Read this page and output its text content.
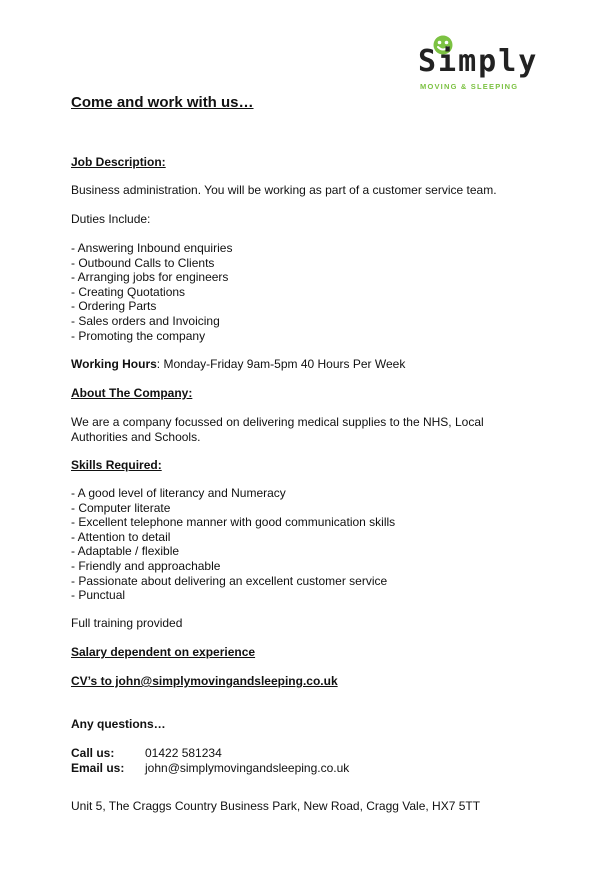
Simply
MOVING & SLEEPING
Come and work with us…
Job Description:
Business administration. You will be working as part of a customer service team.
Duties Include:
- Answering Inbound enquiries
- Outbound Calls to Clients
- Arranging jobs for engineers
- Creating Quotations
- Ordering Parts
- Sales orders and Invoicing
- Promoting the company
Working Hours: Monday-Friday 9am-5pm 40 Hours Per Week
About The Company:
We are a company focussed on delivering medical supplies to the NHS, Local
Authorities and Schools.
Skills Required:
- A good level of literancy and Numeracy
- Computer literate
- Excellent telephone manner with good communication skills
- Attention to detail
- Adaptable / flexible
- Friendly and approachable
- Passionate about delivering an excellent customer service
- Punctual
Full training provided
Salary dependent on experience
CV’s to john@simplymovingandsleeping.co.uk
Any questions…
Call us:	01422 581234
Email us: john@simplymovingandsleeping.co.uk
Unit 5, The Craggs Country Business Park, New Road, Cragg Vale, HX7 5TT
